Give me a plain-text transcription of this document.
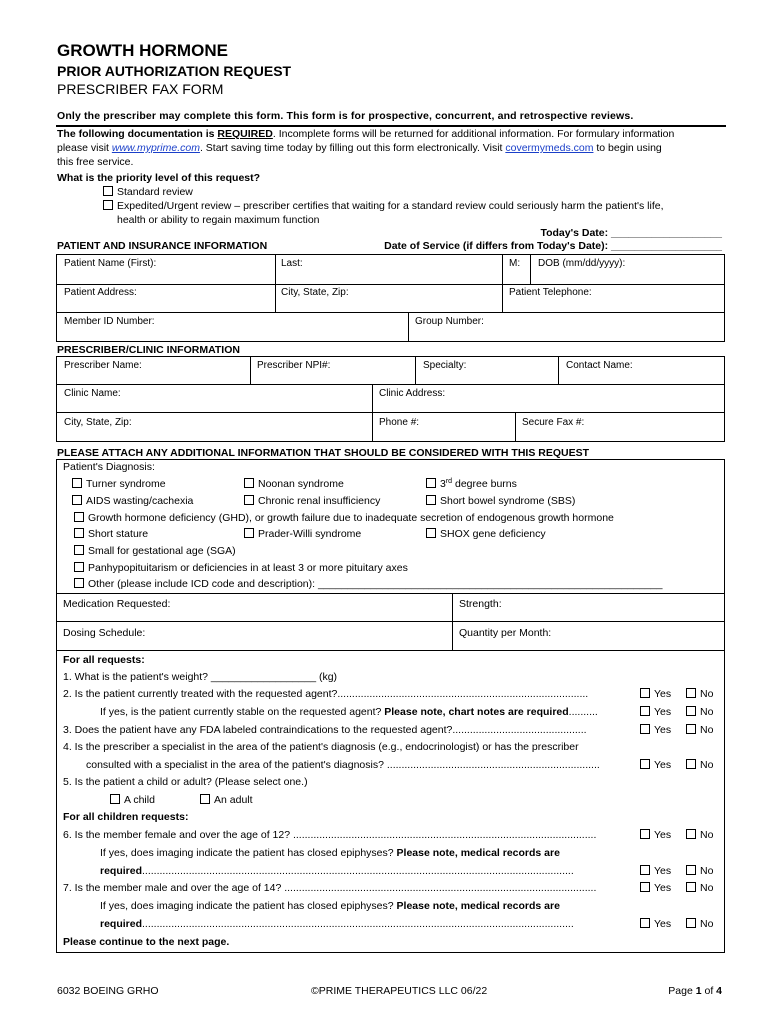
GROWTH HORMONE
PRIOR AUTHORIZATION REQUEST
PRESCRIBER FAX FORM
Only the prescriber may complete this form. This form is for prospective, concurrent, and retrospective reviews.
The following documentation is REQUIRED. Incomplete forms will be returned for additional information. For formulary information
please visit www.myprime.com. Start saving time today by filling out this form electronically. Visit covermymeds.com to begin using
this free service.
What is the priority level of this request?
Standard review
Expedited/Urgent review – prescriber certifies that waiting for a standard review could seriously harm the patient's life,
health or ability to regain maximum function
Today's Date: ___________________
Date of Service (if differs from Today's Date): ___________________
PATIENT AND INSURANCE INFORMATION
Patient Name (First):	Last:	M: DOB (mm/dd/yyyy):
Patient Address:	City, State, Zip:	Patient Telephone:
Member ID Number:	Group Number:
PRESCRIBER/CLINIC INFORMATION
Prescriber Name:	Prescriber NPI#:	Specialty:	Contact Name:
Clinic Name:	Clinic Address:
City, State, Zip:	Phone #:	Secure Fax #:
PLEASE ATTACH ANY ADDITIONAL INFORMATION THAT SHOULD BE CONSIDERED WITH THIS REQUEST
Patient's Diagnosis:
Turner syndrome	Noonan syndrome	3rd degree burns
AIDS wasting/cachexia	Chronic renal insufficiency	Short bowel syndrome (SBS)
Growth hormone deficiency (GHD), or growth failure due to inadequate secretion of endogenous growth hormone
Short stature	Prader-Willi syndrome	SHOX gene deficiency
Small for gestational age (SGA)
Panhypopituitarism or deficiencies in at least 3 or more pituitary axes
Other (please include ICD code and description): ___________________________________________________________
Medication Requested:	Strength:
Dosing Schedule:	Quantity per Month:
For all requests:
1. What is the patient's weight? __________________ (kg)
2. Is the patient currently treated with the requested agent?......................................................................................	Yes	No
If yes, is the patient currently stable on the requested agent? Please note, chart notes are required..........	Yes	No
3. Does the patient have any FDA labeled contraindications to the requested agent?..............................................	Yes	No
4. Is the prescriber a specialist in the area of the patient's diagnosis (e.g., endocrinologist) or has the prescriber
consulted with a specialist in the area of the patient's diagnosis? .........................................................................	Yes	No
5. Is the patient a child or adult? (Please select one.)
A child	An adult
For all children requests:
6. Is the member female and over the age of 12? ........................................................................................................	Yes	No
If yes, does imaging indicate the patient has closed epiphyses? Please note, medical records are
required....................................................................................................................................................	Yes	No
7. Is the member male and over the age of 14? ...........................................................................................................	Yes	No
If yes, does imaging indicate the patient has closed epiphyses? Please note, medical records are
required....................................................................................................................................................	Yes	No
Please continue to the next page.
6032 BOEING GRHO	©PRIME THERAPEUTICS LLC 06/22	Page 1 of 4
